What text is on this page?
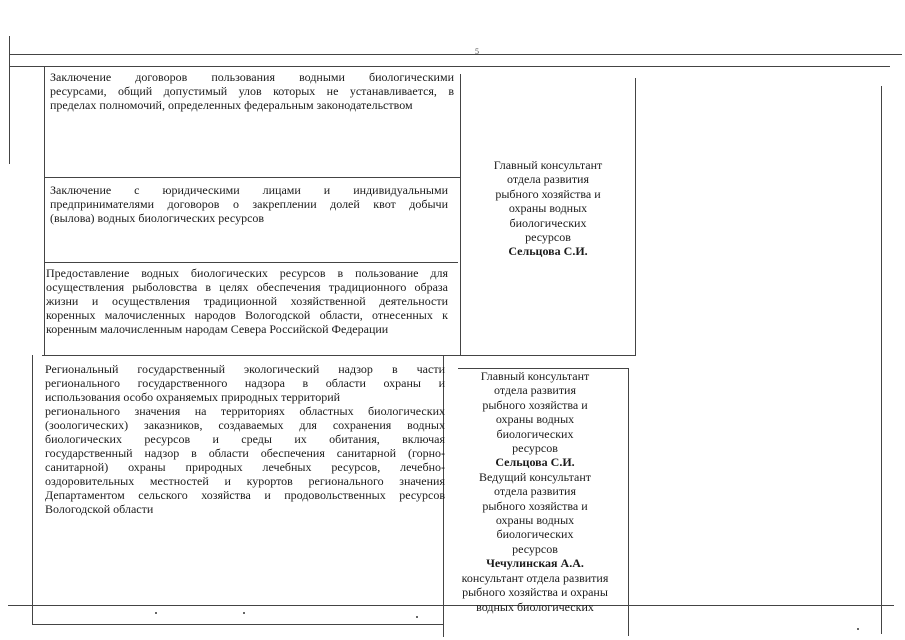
5
Заключение договоров пользования водными биологическими
ресурсами, общий допустимый улов которых не устанавливается, в
пределах полномочий, определенных федеральным законодательством
Заключение с юридическими лицами и индивидуальными
предпринимателями договоров о закреплении долей квот добычи
(вылова) водных биологических ресурсов
Предоставление водных биологических ресурсов в пользование для
осуществления рыболовства в целях обеспечения традиционного образа
жизни и осуществления традиционной хозяйственной деятельности
коренных малочисленных народов Вологодской области, отнесенных к
коренным малочисленным народам Севера Российской Федерации
Региональный государственный экологический надзор в части
регионального государственного надзора в области охраны и
использования особо охраняемых природных территорий
регионального значения на территориях областных биологических
(зоологических) заказников, создаваемых для сохранения водных
биологических ресурсов и среды их обитания, включая
государственный надзор в области обеспечения санитарной (горно-
санитарной) охраны природных лечебных ресурсов, лечебно-
оздоровительных местностей и курортов регионального значения
Департаментом сельского хозяйства и продовольственных ресурсов
Вологодской области
Главный консультант
отдела развития
рыбного хозяйства и
охраны водных
биологических
ресурсов
Сельцова С.И.
Главный консультант
отдела развития
рыбного хозяйства и
охраны водных
биологических
ресурсов
Сельцова С.И.
Ведущий консультант
отдела развития
рыбного хозяйства и
охраны водных
биологических
ресурсов
Чечулинская А.А.
консультант отдела развития
рыбного хозяйства и охраны
водных биологических
